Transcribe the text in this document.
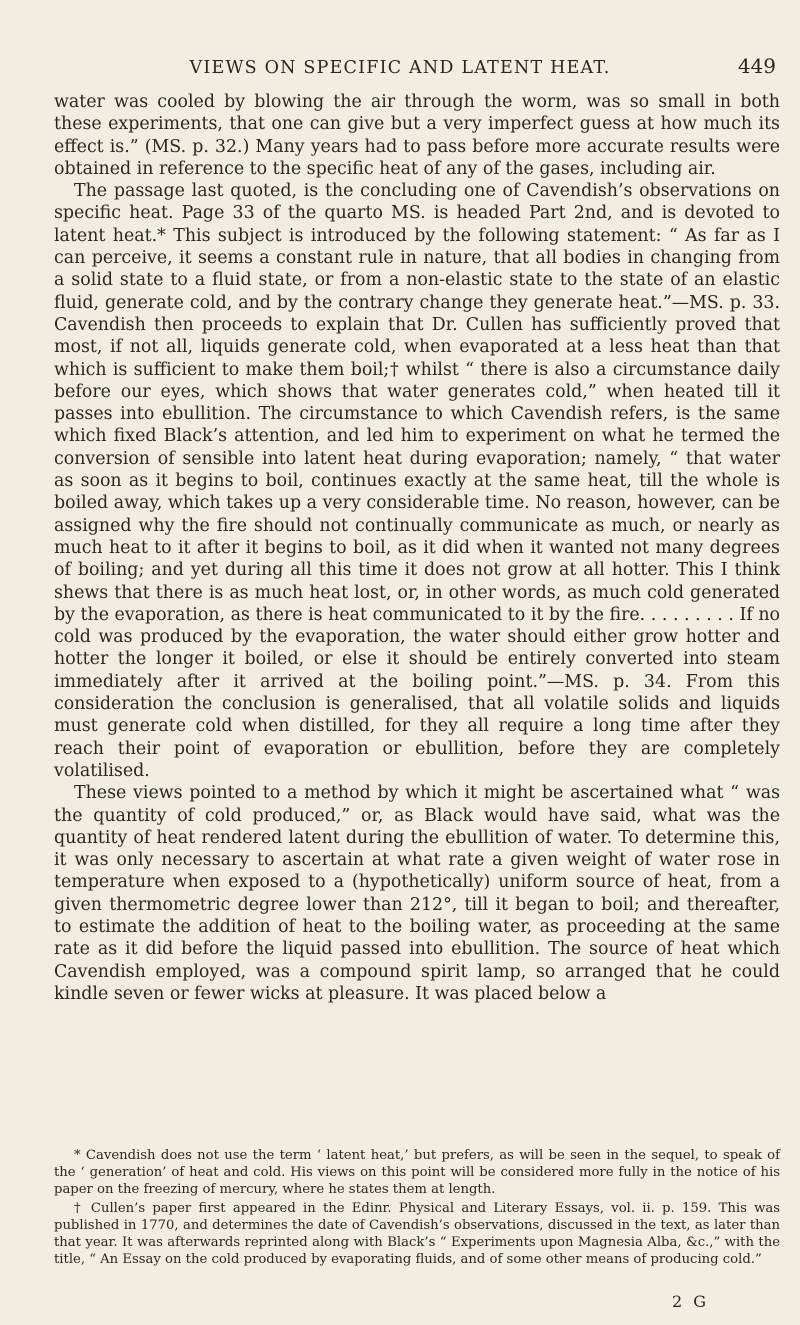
VIEWS ON SPECIFIC AND LATENT HEAT.	449

water was cooled by blowing the air through the worm, was so small in both these experiments, that one can give but a very imperfect guess at how much its effect is.” (MS. p. 32.) Many years had to pass before more accurate results were obtained in reference to the specific heat of any of the gases, including air.

The passage last quoted, is the concluding one of Cavendish’s observations on specific heat. Page 33 of the quarto MS. is headed Part 2nd, and is devoted to latent heat.* This subject is introduced by the following statement: “ As far as I can perceive, it seems a constant rule in nature, that all bodies in changing from a solid state to a fluid state, or from a non-elastic state to the state of an elastic fluid, generate cold, and by the contrary change they generate heat.”—MS. p. 33. Cavendish then proceeds to explain that Dr. Cullen has sufficiently proved that most, if not all, liquids generate cold, when evaporated at a less heat than that which is sufficient to make them boil;† whilst “ there is also a circumstance daily before our eyes, which shows that water generates cold,” when heated till it passes into ebullition. The circumstance to which Cavendish refers, is the same which fixed Black’s attention, and led him to experiment on what he termed the conversion of sensible into latent heat during evaporation; namely, “ that water as soon as it begins to boil, continues exactly at the same heat, till the whole is boiled away, which takes up a very considerable time. No reason, however, can be assigned why the fire should not continually communicate as much, or nearly as much heat to it after it begins to boil, as it did when it wanted not many degrees of boiling; and yet during all this time it does not grow at all hotter. This I think shews that there is as much heat lost, or, in other words, as much cold generated by the evaporation, as there is heat communicated to it by the fire. . . . . . . . . If no cold was produced by the evaporation, the water should either grow hotter and hotter the longer it boiled, or else it should be entirely converted into steam immediately after it arrived at the boiling point.”—MS. p. 34. From this consideration the conclusion is generalised, that all volatile solids and liquids must generate cold when distilled, for they all require a long time after they reach their point of evaporation or ebullition, before they are completely volatilised.

These views pointed to a method by which it might be ascertained what “ was the quantity of cold produced,” or, as Black would have said, what was the quantity of heat rendered latent during the ebullition of water. To determine this, it was only necessary to ascertain at what rate a given weight of water rose in temperature when exposed to a (hypothetically) uniform source of heat, from a given thermometric degree lower than 212°, till it began to boil; and thereafter, to estimate the addition of heat to the boiling water, as proceeding at the same rate as it did before the liquid passed into ebullition. The source of heat which Cavendish employed, was a compound spirit lamp, so arranged that he could kindle seven or fewer wicks at pleasure. It was placed below a

* Cavendish does not use the term ‘ latent heat,’ but prefers, as will be seen in the sequel, to speak of the ‘ generation’ of heat and cold. His views on this point will be considered more fully in the notice of his paper on the freezing of mercury, where he states them at length.

† Cullen’s paper first appeared in the Edinr. Physical and Literary Essays, vol. ii. p. 159. This was published in 1770, and determines the date of Cavendish’s observations, discussed in the text, as later than that year. It was afterwards reprinted along with Black’s “ Experiments upon Magnesia Alba, &c.,” with the title, “ An Essay on the cold produced by evaporating fluids, and of some other means of producing cold.”

2 G
